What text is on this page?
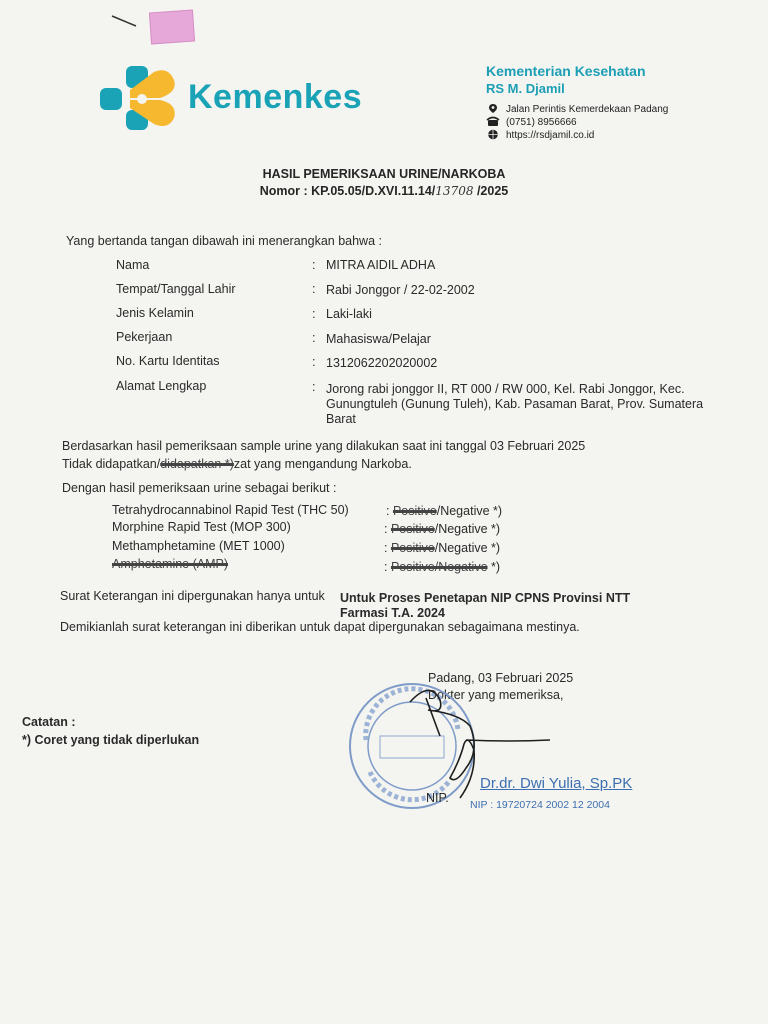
Kemenkes
Kementerian Kesehatan
RS M. Djamil
Jalan Perintis Kemerdekaan Padang
(0751) 8956666
https://rsdjamil.co.id
HASIL PEMERIKSAAN URINE/NARKOBA
Nomor : KP.05.05/D.XVI.11.14/13708 /2025
Yang bertanda tangan dibawah ini menerangkan bahwa :
Nama	: MITRA AIDIL ADHA
Tempat/Tanggal Lahir	: Rabi Jonggor / 22-02-2002
Jenis Kelamin	: Laki-laki
Pekerjaan	: Mahasiswa/Pelajar
No. Kartu Identitas	: 1312062202020002
Alamat Lengkap	: Jorong rabi jonggor II, RT 000 / RW 000, Kel. Rabi Jonggor, Kec.
Gunungtuleh (Gunung Tuleh), Kab. Pasaman Barat, Prov. Sumatera
Barat
Berdasarkan hasil pemeriksaan sample urine yang dilakukan saat ini tanggal 03 Februari 2025
Tidak didapatkan/didapatkan *)zat yang mengandung Narkoba.
Dengan hasil pemeriksaan urine sebagai berikut :
Tetrahydrocannabinol Rapid Test (THC 50)	: Positive/Negative *)
Morphine Rapid Test (MOP 300)	: Positive/Negative *)
Methamphetamine (MET 1000)	: Positive/Negative *)
Amphetamine (AMP)	: Positive/Negative *)
Surat Keterangan ini dipergunakan hanya untuk Untuk Proses Penetapan NIP CPNS Provinsi NTT
Farmasi T.A. 2024
Demikianlah surat keterangan ini diberikan untuk dapat dipergunakan sebagaimana mestinya.
Padang, 03 Februari 2025
Dokter yang memeriksa,
NIP.
Dr.dr. Dwi Yulia, Sp.PK
NIP : 19720724 2002 12 2004
Catatan :
*) Coret yang tidak diperlukan
